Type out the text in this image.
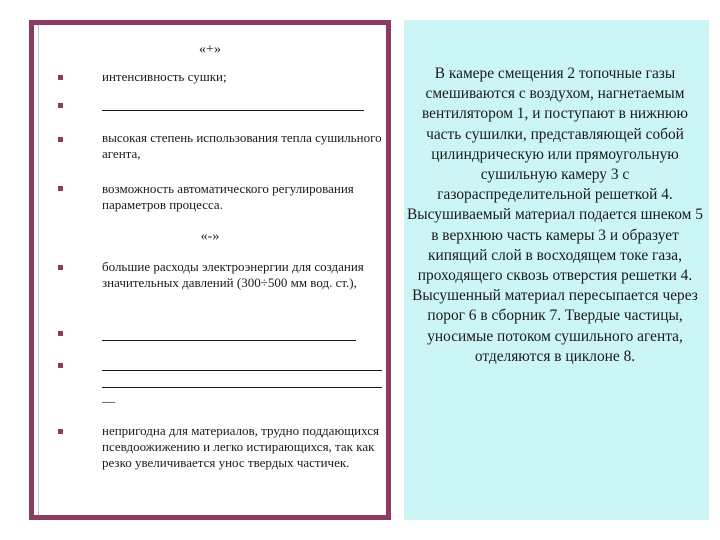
«+»
интенсивность сушки;
высокая степень использования тепла сушильного агента,
возможность автоматического регулирования параметров процесса.
«-»
большие расходы электроэнергии для создания значительных давлений (300÷500 мм вод. ст.),
__
непригодна для материалов, трудно поддающихся псевдоожижению и легко истирающихся, так как резко увеличивается унос твердых частичек.
В камере смещения 2 топочные газы смешиваются с воздухом, нагнетаемым вентилятором 1, и поступают в нижнюю часть сушилки, представляющей собой цилиндрическую или прямоугольную сушильную камеру 3 с газораспределительной решеткой 4. Высушиваемый материал подается шнеком 5 в верхнюю часть камеры 3 и образует кипящий слой в восходящем токе газа, проходящего сквозь отверстия решетки 4. Высушенный материал пересыпается через порог 6 в сборник 7. Твердые частицы, уносимые потоком сушильного агента, отделяются в циклоне 8.
